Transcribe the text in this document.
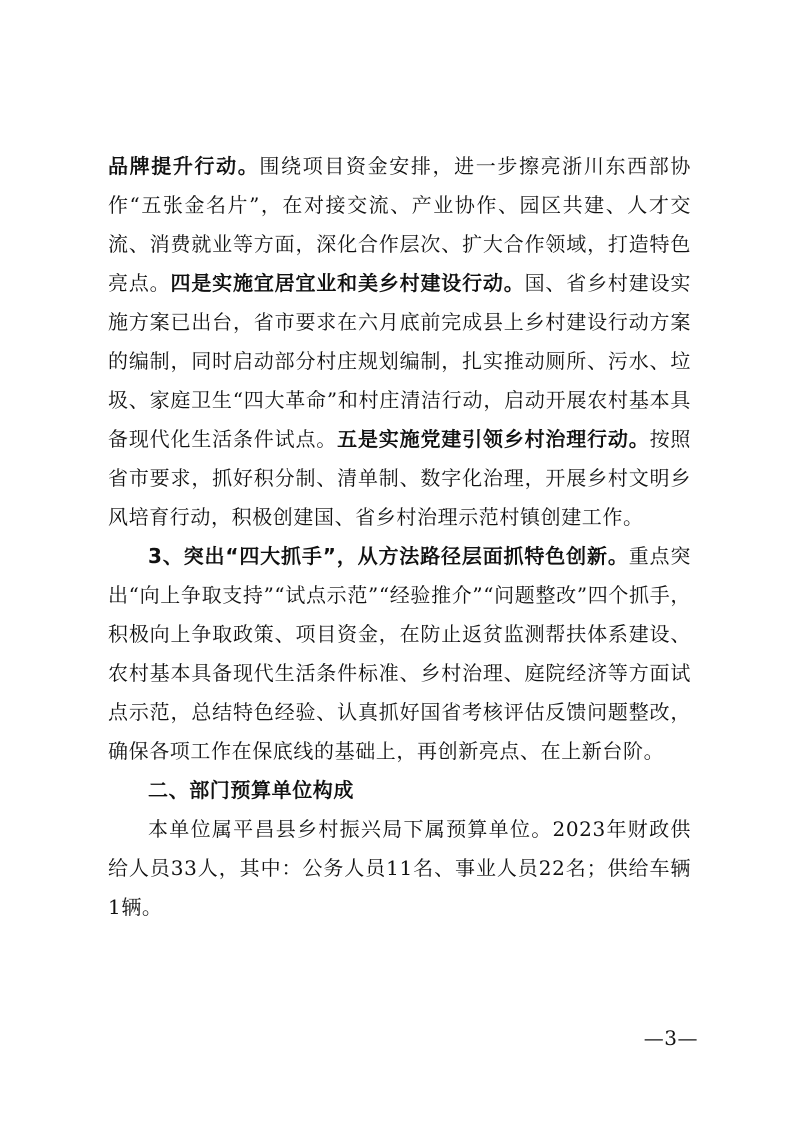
品牌提升行动。围绕项目资金安排，进一步擦亮浙川东西部协作“五张金名片”，在对接交流、产业协作、园区共建、人才交流、消费就业等方面，深化合作层次、扩大合作领域，打造特色亮点。四是实施宜居宜业和美乡村建设行动。国、省乡村建设实施方案已出台，省市要求在六月底前完成县上乡村建设行动方案的编制，同时启动部分村庄规划编制，扎实推动厕所、污水、垃圾、家庭卫生“四大革命”和村庄清洁行动，启动开展农村基本具备现代化生活条件试点。五是实施党建引领乡村治理行动。按照省市要求，抓好积分制、清单制、数字化治理，开展乡村文明乡风培育行动，积极创建国、省乡村治理示范村镇创建工作。

3、突出“四大抓手”，从方法路径层面抓特色创新。重点突出“向上争取支持”“试点示范”“经验推介”“问题整改”四个抓手，积极向上争取政策、项目资金，在防止返贫监测帮扶体系建设、农村基本具备现代生活条件标准、乡村治理、庭院经济等方面试点示范，总结特色经验、认真抓好国省考核评估反馈问题整改，确保各项工作在保底线的基础上，再创新亮点、在上新台阶。

二、部门预算单位构成

本单位属平昌县乡村振兴局下属预算单位。2023年财政供给人员33人，其中：公务人员11名、事业人员22名；供给车辆1辆。

—3—
